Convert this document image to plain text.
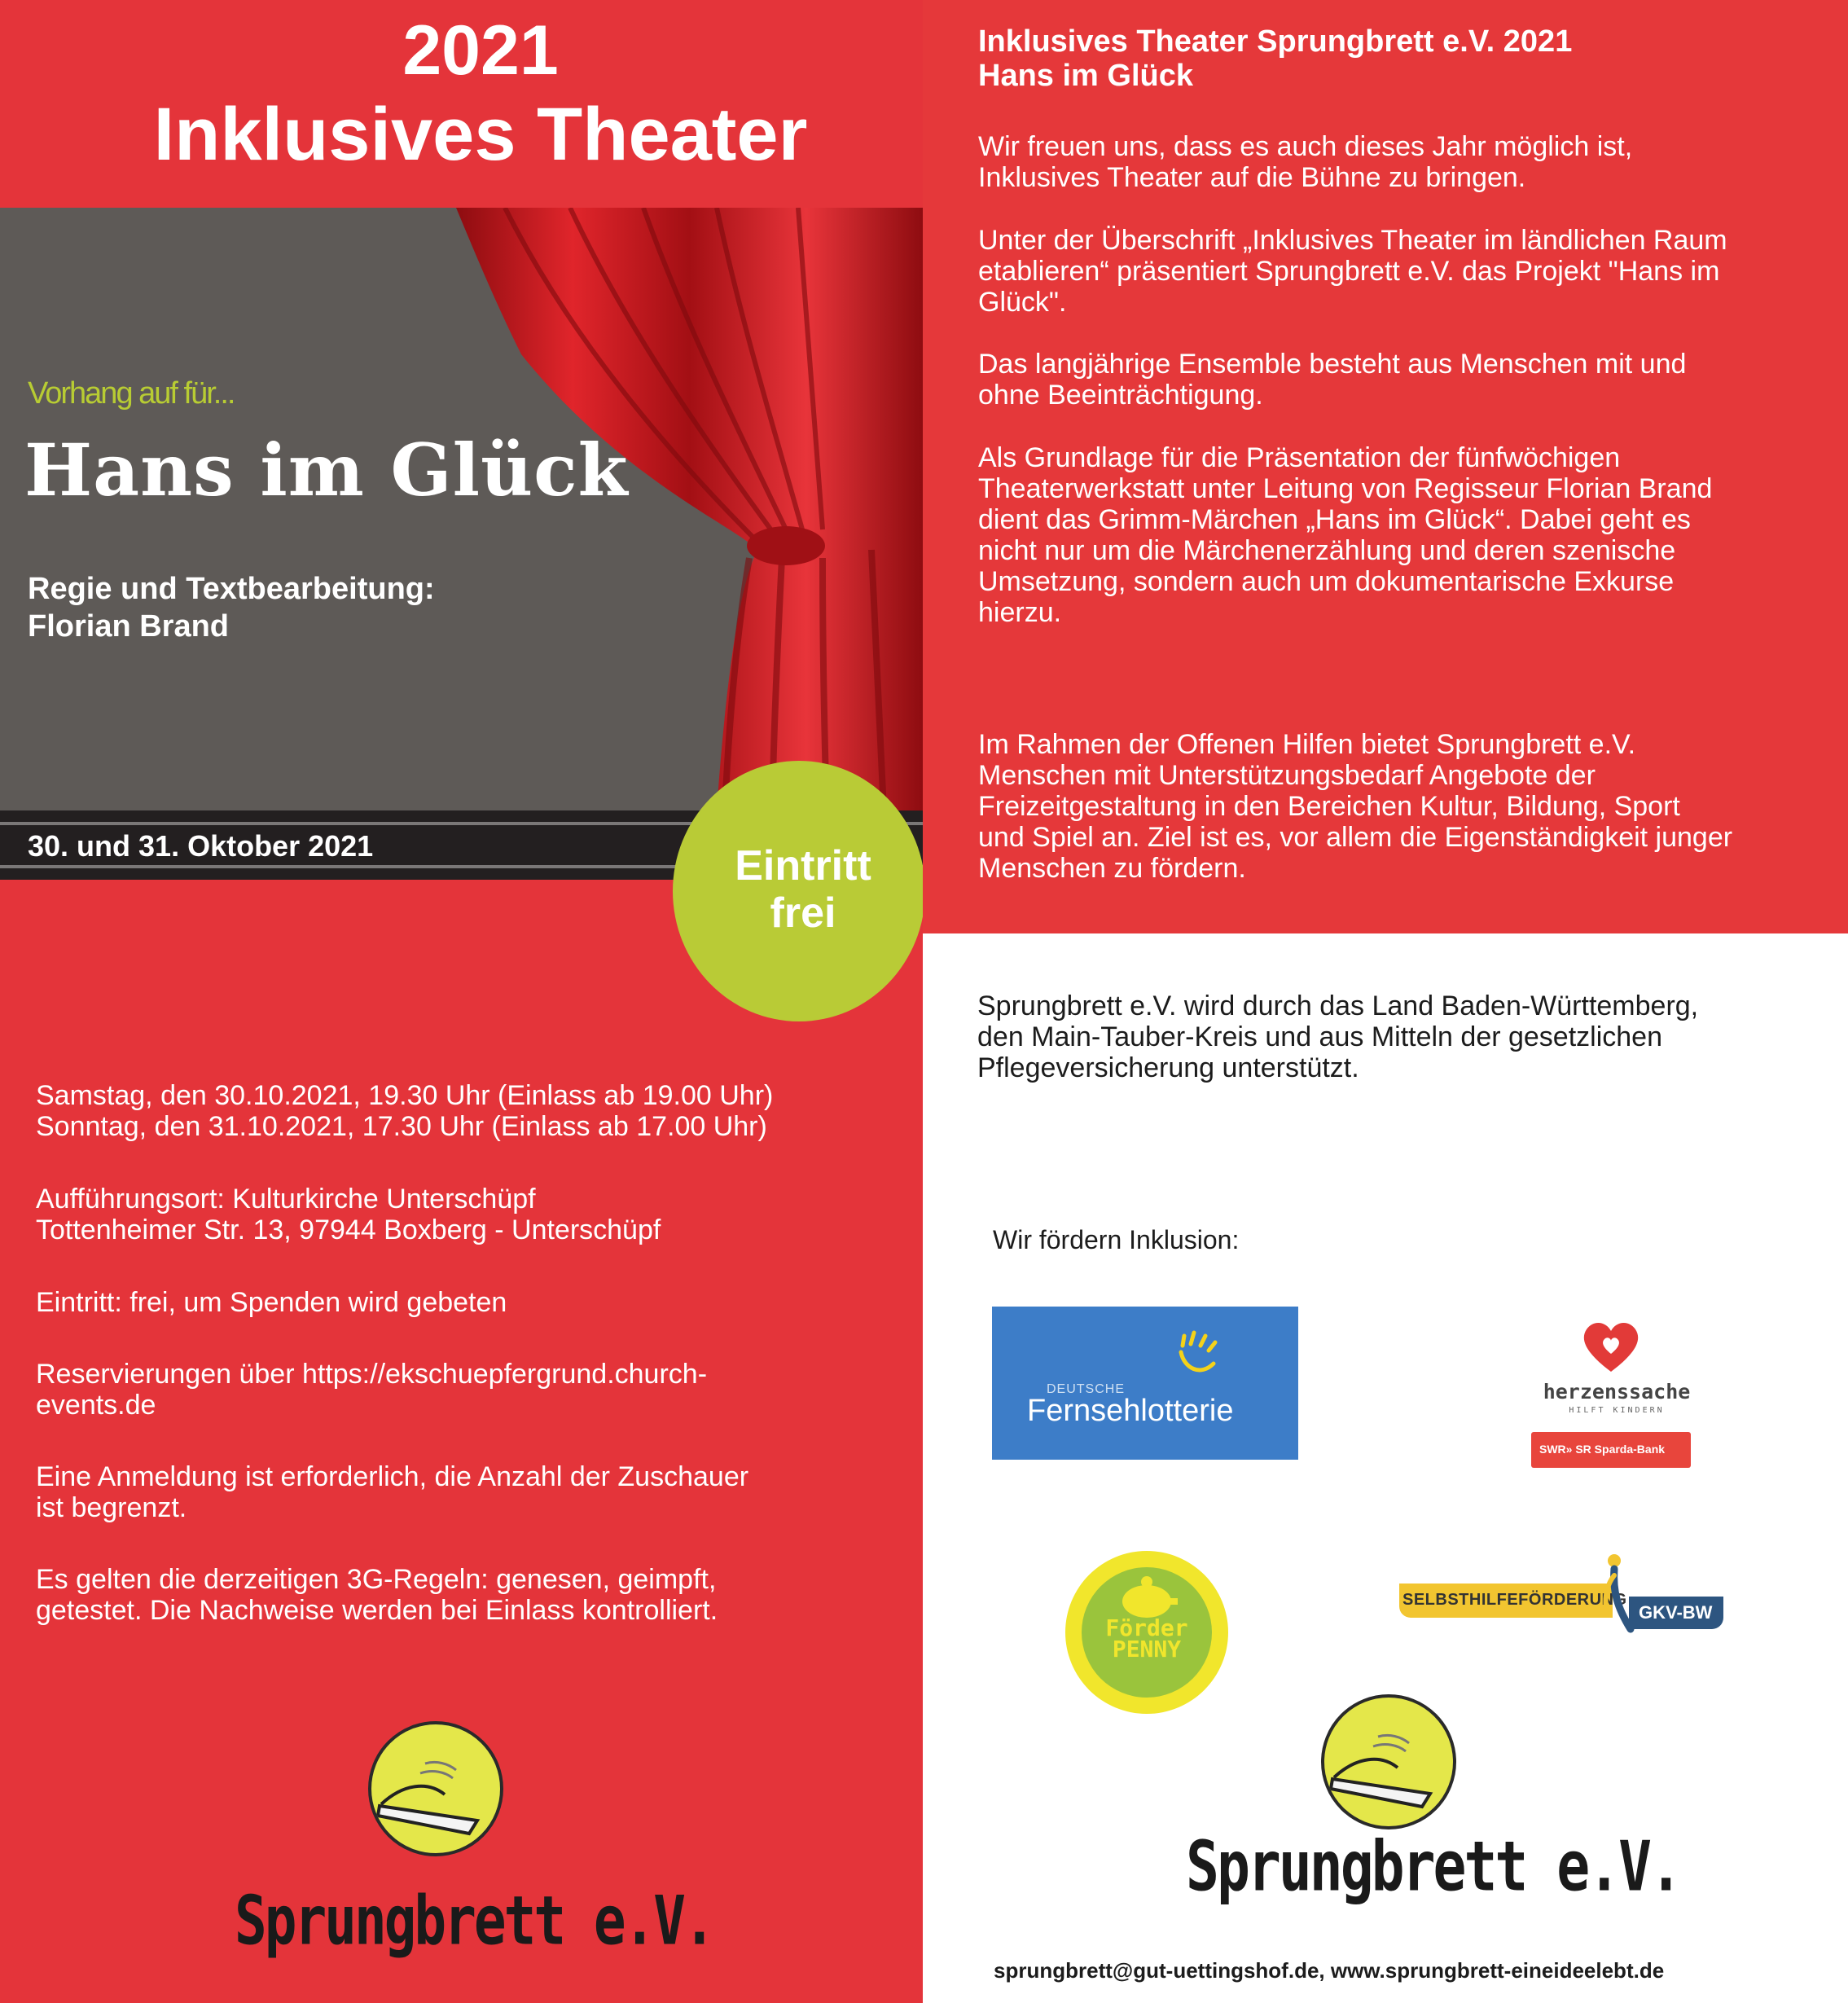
2021
Inklusives Theater

Vorhang auf für...

Hans im Glück

Regie und Textbearbeitung:

Florian Brand

30. und 31. Oktober 2021	Eintritt
frei

Samstag, den 30.10.2021, 19.30 Uhr (Einlass ab 19.00 Uhr)
Sonntag, den 31.10.2021, 17.30 Uhr (Einlass ab 17.00 Uhr)

Aufführungsort: Kulturkirche Unterschüpf
Tottenheimer Str. 13, 97944 Boxberg - Unterschüpf

Eintritt: frei, um Spenden wird gebeten

Reservierungen über https://ekschuepfergrund.church-
events.de

Eine Anmeldung ist erforderlich, die Anzahl der Zuschauer
ist begrenzt.

Es gelten die derzeitigen 3G-Regeln: genesen, geimpft,
getestet. Die Nachweise werden bei Einlass kontrolliert.

Sprungbrett e.V.

Inklusives Theater Sprungbrett e.V. 2021
Hans im Glück

Wir freuen uns, dass es auch dieses Jahr möglich ist,
Inklusives Theater auf die Bühne zu bringen.

Unter der Überschrift „Inklusives Theater im ländlichen Raum
etablieren“ präsentiert Sprungbrett e.V. das Projekt "Hans im
Glück".

Das langjährige Ensemble besteht aus Menschen mit und
ohne Beeinträchtigung.

Als Grundlage für die Präsentation der fünfwöchigen
Theaterwerkstatt unter Leitung von Regisseur Florian Brand
dient das Grimm-Märchen „Hans im Glück“. Dabei geht es
nicht nur um die Märchenerzählung und deren szenische
Umsetzung, sondern auch um dokumentarische Exkurse
hierzu.

Im Rahmen der Offenen Hilfen bietet Sprungbrett e.V.
Menschen mit Unterstützungsbedarf Angebote der
Freizeitgestaltung in den Bereichen Kultur, Bildung, Sport
und Spiel an. Ziel ist es, vor allem die Eigenständigkeit junger
Menschen zu fördern.

Sprungbrett e.V. wird durch das Land Baden-Württemberg,
den Main-Tauber-Kreis und aus Mitteln der gesetzlichen
Pflegeversicherung unterstützt.

Wir fördern Inklusion:

DEUTSCHE

Fernsehlotterie

herzenssache

HILFT KINDERN

SWR» SR Sparda-Bank

Förder
PENNY

SELBSTHILFEFÖRDERUNG

GKV-BW

Sprungbrett e.V.

sprungbrett@gut-uettingshof.de, www.sprungbrett-eineideelebt.de
